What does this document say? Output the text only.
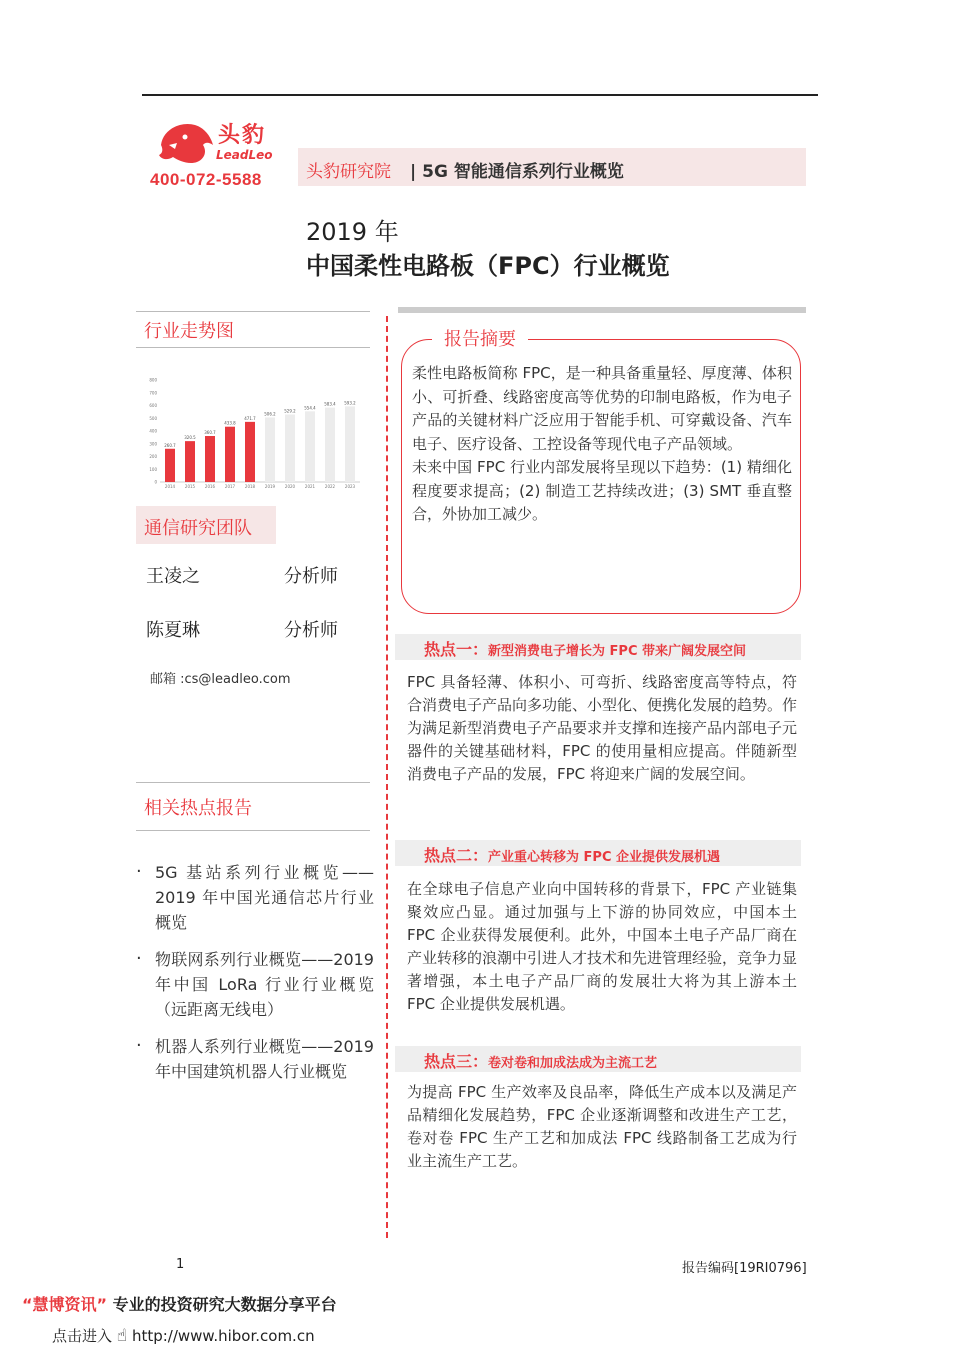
头豹
LeadLeo
400-072-5588	头豹研究院 | 5G 智能通信系列行业概览
2019 年
中国柔性电路板（FPC）行业概览
行业走势图
260.7
2014
320.5
2015
360.7
2016
433.8
2017
471.7
2018
506.2
2019
529.2
2020
554.4
2021
583.4
2022
593.2
2023
0
100
200
300
400
500
600
700
800
通信研究团队
王凌之	分析师
陈夏琳	分析师
邮箱 :cs@leadleo.com
相关热点报告
· 5G 基站系列行业概览——2019 年中国光通信芯片行业概览
· 物联网系列行业概览——2019 年中国 LoRa 行业行业概览（远距离无线电）
· 机器人系列行业概览——2019 年中国建筑机器人行业概览
报告摘要
柔性电路板简称 FPC，是一种具备重量轻、厚度薄、体积小、可折叠、线路密度高等优势的印制电路板，作为电子产品的关键材料广泛应用于智能手机、可穿戴设备、汽车电子、医疗设备、工控设备等现代电子产品领域。
未来中国 FPC 行业内部发展将呈现以下趋势：(1) 精细化程度要求提高；(2) 制造工艺持续改进；(3) SMT 垂直整合，外协加工减少。
热点一：新型消费电子增长为 FPC 带来广阔发展空间
FPC 具备轻薄、体积小、可弯折、线路密度高等特点，符合消费电子产品向多功能、小型化、便携化发展的趋势。作为满足新型消费电子产品要求并支撑和连接产品内部电子元器件的关键基础材料，FPC 的使用量相应提高。伴随新型消费电子产品的发展，FPC 将迎来广阔的发展空间。
热点二：产业重心转移为 FPC 企业提供发展机遇
在全球电子信息产业向中国转移的背景下，FPC 产业链集聚效应凸显。通过加强与上下游的协同效应，中国本土 FPC 企业获得发展便利。此外，中国本土电子产品厂商在产业转移的浪潮中引进人才技术和先进管理经验，竞争力显著增强，本土电子产品厂商的发展壮大将为其上游本土 FPC 企业提供发展机遇。
热点三：卷对卷和加成法成为主流工艺
为提高 FPC 生产效率及良品率，降低生产成本以及满足产品精细化发展趋势，FPC 企业逐渐调整和改进生产工艺，卷对卷 FPC 生产工艺和加成法 FPC 线路制备工艺成为行业主流生产工艺。
1	报告编码[19RI0796]
“慧博资讯” 专业的投资研究大数据分享平台
点击进入 ☝ http://www.hibor.com.cn
